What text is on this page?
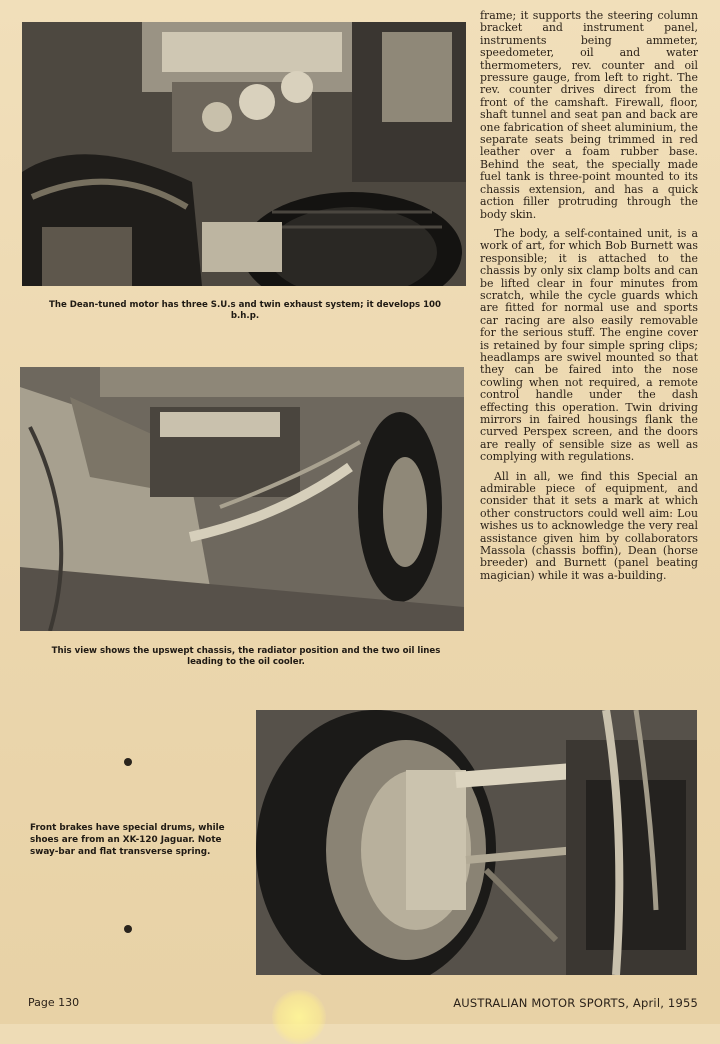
The Dean-tuned motor has three S.U.s and twin exhaust system; it develops 100 b.h.p.
This view shows the upswept chassis, the radiator position and the two oil lines leading to the oil cooler.
Front brakes have special drums, while shoes are from an XK-120 Jaguar. Note sway-bar and flat transverse spring.

frame; it supports the steering column bracket and instrument panel, instruments being ammeter, speedometer, oil and water thermometers, rev. counter and oil pressure gauge, from left to right. The rev. counter drives direct from the front of the camshaft. Firewall, floor, shaft tunnel and seat pan and back are one fabrication of sheet aluminium, the separate seats being trimmed in red leather over a foam rubber base. Behind the seat, the specially made fuel tank is three-point mounted to its chassis extension, and has a quick action filler protruding through the body skin.

The body, a self-contained unit, is a work of art, for which Bob Burnett was responsible; it is attached to the chassis by only six clamp bolts and can be lifted clear in four minutes from scratch, while the cycle guards which are fitted for normal use and sports car racing are also easily removable for the serious stuff. The engine cover is retained by four simple spring clips; headlamps are swivel mounted so that they can be faired into the nose cowling when not required, a remote control handle under the dash effecting this operation. Twin driving mirrors in faired housings flank the curved Perspex screen, and the doors are really of sensible size as well as complying with regulations.

All in all, we find this Special an admirable piece of equipment, and consider that it sets a mark at which other constructors could well aim: Lou wishes us to acknowledge the very real assistance given him by collaborators Massola (chassis boffin), Dean (horse breeder) and Burnett (panel beating magician) while it was a-building.

Page 130	AUSTRALIAN MOTOR SPORTS, April, 1955
